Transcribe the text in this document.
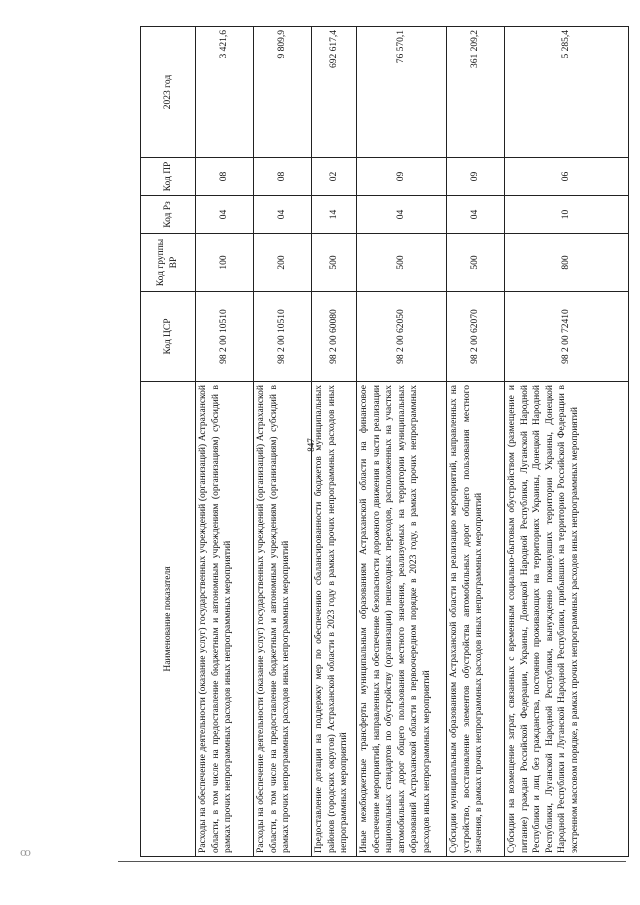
847
ꝏ
Наименование показателя	Код ЦСР	Код группы ВР	Код Рз	Код ПР	2023 год
Расходы на обеспечение деятельности (оказание услуг) государственных учреждений (организаций) Астраханской области, в том числе на предоставление бюджетным и автономным учреждениям (организациям) субсидий в рамках прочих непрограммных расходов иных непрограммных мероприятий	98 2 00 10510	100	04	08	3 421,6
Расходы на обеспечение деятельности (оказание услуг) государственных учреждений (организаций) Астраханской области, в том числе на предоставление бюджетным и автономным учреждениям (организациям) субсидий в рамках прочих непрограммных расходов иных непрограммных мероприятий	98 2 00 10510	200	04	08	9 809,9
Предоставление дотации на поддержку мер по обеспечению сбалансированности бюджетов муниципальных районов (городских округов) Астраханской области в 2023 году в рамках прочих непрограммных расходов иных непрограммных мероприятий	98 2 00 60080	500	14	02	692 617,4
Иные межбюджетные трансферты муниципальным образованиям Астраханской области на финансовое обеспечение мероприятий, направленных на обеспечение безопасности дорожного движения в части реализации национальных стандартов по обустройству (организации) пешеходных переходов, расположенных на участках автомобильных дорог общего пользования местного значения, реализуемых на территории муниципальных образований Астраханской области в первоочередном порядке в 2023 году, в рамках прочих непрограммных расходов иных непрограммных мероприятий	98 2 00 62050	500	04	09	76 570,1
Субсидии муниципальным образованиям Астраханской области на реализацию мероприятий, направленных на устройство, восстановление элементов обустройства автомобильных дорог общего пользования местного значения, в рамках прочих непрограммных расходов иных непрограммных мероприятий	98 2 00 62070	500	04	09	361 209,2
Субсидии на возмещение затрат, связанных с временным социально-бытовым обустройством (размещение и питание) граждан Российской Федерации, Украины, Донецкой Народной Республики, Луганской Народной Республики и лиц без гражданства, постоянно проживающих на территориях Украины, Донецкой Народной Республики, Луганской Народной Республики, вынужденно покинувших территории Украины, Донецкой Народной Республики и Луганской Народной Республики, прибывших на территорию Российской Федерации в экстренном массовом порядке, в рамках прочих непрограммных расходов иных непрограммных мероприятий	98 2 00 72410	800	10	06	5 285,4
